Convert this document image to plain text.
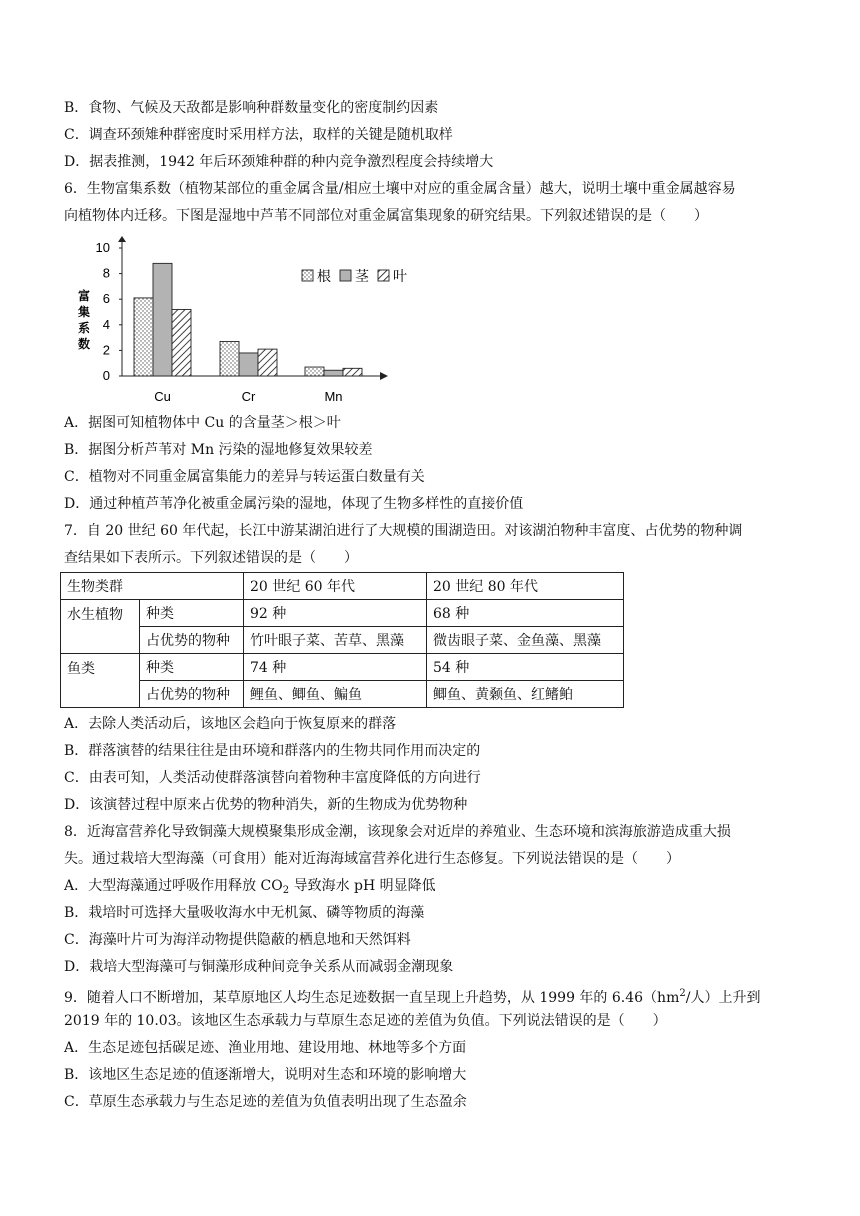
B．食物、气候及天敌都是影响种群数量变化的密度制约因素
C．调查环颈雉种群密度时采用样方法，取样的关键是随机取样
D．据表推测，1942 年后环颈雉种群的种内竞争激烈程度会持续增大
6．生物富集系数（植物某部位的重金属含量/相应土壤中对应的重金属含量）越大，说明土壤中重金属越容易
向植物体内迁移。下图是湿地中芦苇不同部位对重金属富集现象的研究结果。下列叙述错误的是（　　）
0
2
4
6
8
10
富
集
系
数
Cu	Cr	Mn
根 茎 叶
A．据图可知植物体中 Cu 的含量茎＞根＞叶
B．据图分析芦苇对 Mn 污染的湿地修复效果较差
C．植物对不同重金属富集能力的差异与转运蛋白数量有关
D．通过种植芦苇净化被重金属污染的湿地，体现了生物多样性的直接价值
7．自 20 世纪 60 年代起，长江中游某湖泊进行了大规模的围湖造田。对该湖泊物种丰富度、占优势的物种调
查结果如下表所示。下列叙述错误的是（　　）
生物类群		20 世纪 60 年代	20 世纪 80 年代
水生植物	种类	92 种	68 种
	占优势的物种	竹叶眼子菜、苦草、黑藻	微齿眼子菜、金鱼藻、黑藻
鱼类	种类	74 种	54 种
	占优势的物种	鲤鱼、鲫鱼、鳊鱼	鲫鱼、黄颡鱼、红鳍鲌
A．去除人类活动后，该地区会趋向于恢复原来的群落
B．群落演替的结果往往是由环境和群落内的生物共同作用而决定的
C．由表可知，人类活动使群落演替向着物种丰富度降低的方向进行
D．该演替过程中原来占优势的物种消失，新的生物成为优势物种
8．近海富营养化导致铜藻大规模聚集形成金潮，该现象会对近岸的养殖业、生态环境和滨海旅游造成重大损
失。通过栽培大型海藻（可食用）能对近海海域富营养化进行生态修复。下列说法错误的是（　　）
A．大型海藻通过呼吸作用释放 $CO_2$ 导致海水 pH 明显降低
B．栽培时可选择大量吸收海水中无机氮、磷等物质的海藻
C．海藻叶片可为海洋动物提供隐蔽的栖息地和天然饵料
D．栽培大型海藻可与铜藻形成种间竞争关系从而减弱金潮现象
9．随着人口不断增加，某草原地区人均生态足迹数据一直呈现上升趋势，从 1999 年的 $6.46(hm^2/$人）上升到
2019 年的 10.03。该地区生态承载力与草原生态足迹的差值为负值。下列说法错误的是（　　）
A．生态足迹包括碳足迹、渔业用地、建设用地、林地等多个方面
B．该地区生态足迹的值逐渐增大，说明对生态和环境的影响增大
C．草原生态承载力与生态足迹的差值为负值表明出现了生态盈余
